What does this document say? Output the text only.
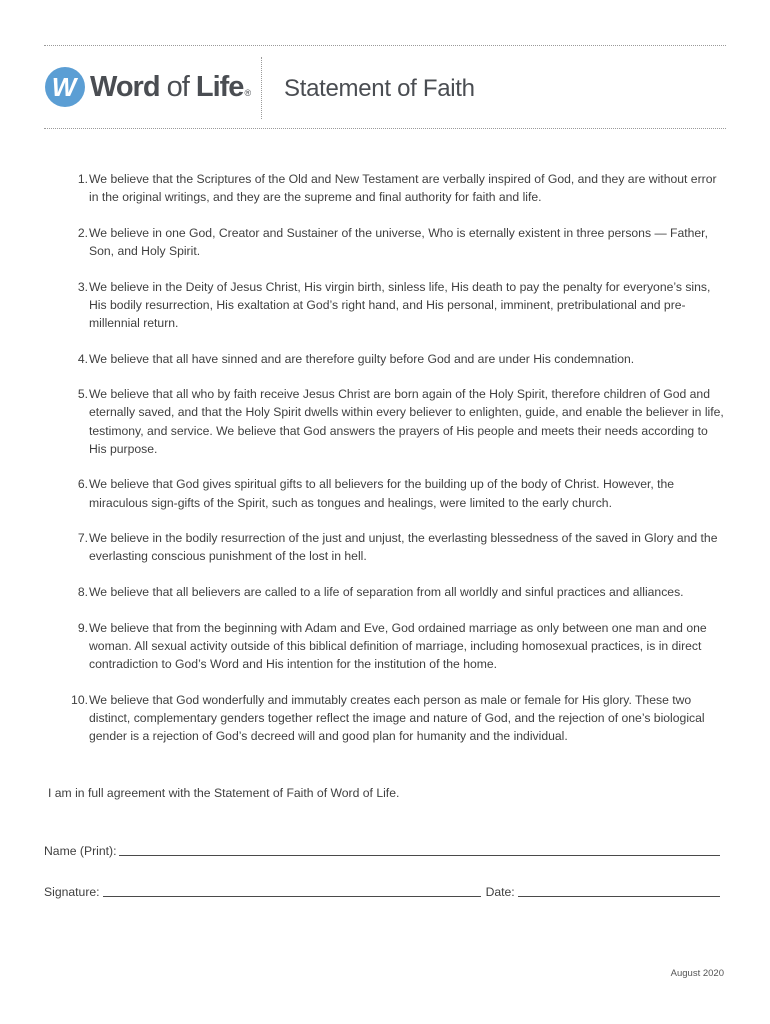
W Word of Life® Statement of Faith
1. We believe that the Scriptures of the Old and New Testament are verbally inspired of God, and they are without error in the original writings, and they are the supreme and final authority for faith and life.
2. We believe in one God, Creator and Sustainer of the universe, Who is eternally existent in three persons — Father, Son, and Holy Spirit.
3. We believe in the Deity of Jesus Christ, His virgin birth, sinless life, His death to pay the penalty for everyone’s sins, His bodily resurrection, His exaltation at God’s right hand, and His personal, imminent, pretribulational and pre-millennial return.
4. We believe that all have sinned and are therefore guilty before God and are under His condemnation.
5. We believe that all who by faith receive Jesus Christ are born again of the Holy Spirit, therefore children of God and eternally saved, and that the Holy Spirit dwells within every believer to enlighten, guide, and enable the believer in life, testimony, and service. We believe that God answers the prayers of His people and meets their needs according to His purpose.
6. We believe that God gives spiritual gifts to all believers for the building up of the body of Christ. However, the miraculous sign-gifts of the Spirit, such as tongues and healings, were limited to the early church.
7. We believe in the bodily resurrection of the just and unjust, the everlasting blessedness of the saved in Glory and the everlasting conscious punishment of the lost in hell.
8. We believe that all believers are called to a life of separation from all worldly and sinful practices and alliances.
9. We believe that from the beginning with Adam and Eve, God ordained marriage as only between one man and one woman. All sexual activity outside of this biblical definition of marriage, including homosexual practices, is in direct contradiction to God’s Word and His intention for the institution of the home.
10. We believe that God wonderfully and immutably creates each person as male or female for His glory. These two distinct, complementary genders together reflect the image and nature of God, and the rejection of one’s biological gender is a rejection of God’s decreed will and good plan for humanity and the individual.
I am in full agreement with the Statement of Faith of Word of Life.
Name (Print):
Signature:	Date:
August 2020
